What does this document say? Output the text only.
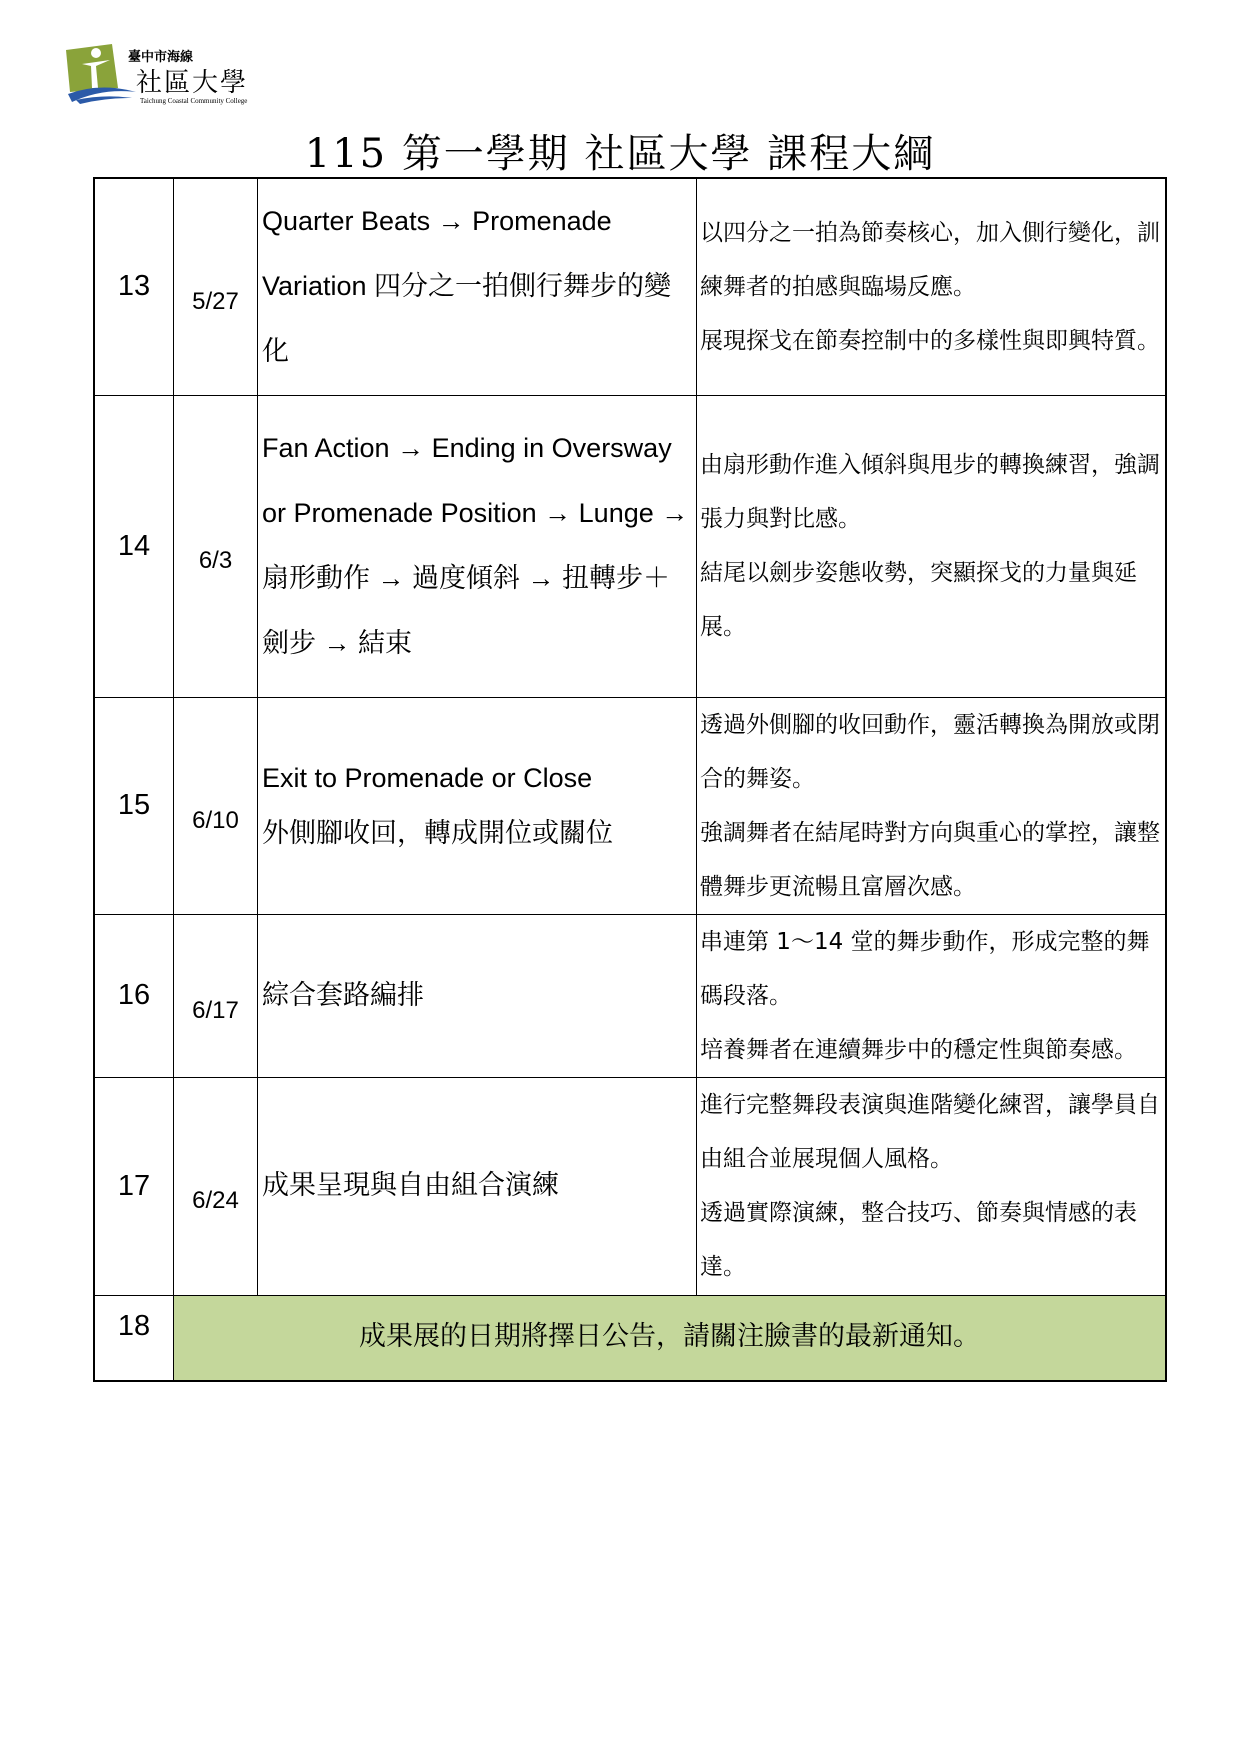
臺中市海線
社區大學
Taichung Coastal Community College
115 第一學期 社區大學 課程大綱
13	5/27	Quarter Beats → Promenade Variation 四分之一拍側行舞步的變化	以四分之一拍為節奏核心，加入側行變化，訓練舞者的拍感與臨場反應。
展現探戈在節奏控制中的多樣性與即興特質。

14	6/3	Fan Action → Ending in Oversway or Promenade Position → Lunge →扇形動作 → 過度傾斜 → 扭轉步＋劍步 → 結束	由扇形動作進入傾斜與甩步的轉換練習，強調張力與對比感。
結尾以劍步姿態收勢，突顯探戈的力量與延展。

15	6/10	Exit to Promenade or Close
外側腳收回，轉成開位或關位	透過外側腳的收回動作，靈活轉換為開放或閉合的舞姿。
強調舞者在結尾時對方向與重心的掌控，讓整體舞步更流暢且富層次感。

16	6/17	綜合套路編排	串連第 1～14 堂的舞步動作，形成完整的舞碼段落。
培養舞者在連續舞步中的穩定性與節奏感。

17	6/24	成果呈現與自由組合演練	進行完整舞段表演與進階變化練習，讓學員自由組合並展現個人風格。
透過實際演練，整合技巧、節奏與情感的表達。

18	成果展的日期將擇日公告，請關注臉書的最新通知。		
